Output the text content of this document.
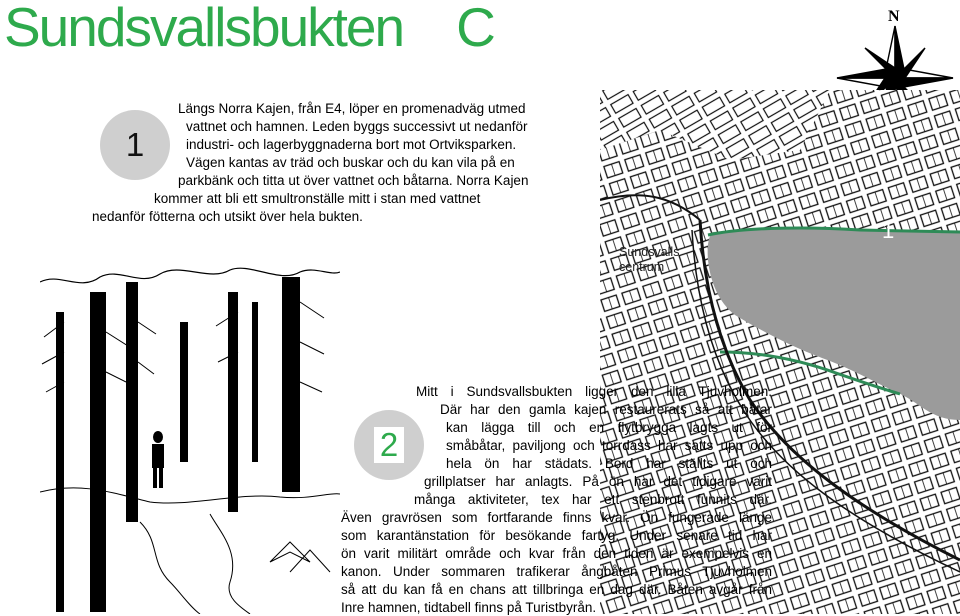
Sundsvallsbukten C	N
1
Längs Norra Kajen, från E4, löper en promenadväg utmed
vattnet och hamnen. Leden byggs successivt ut nedanför
industri- och lagerbyggnaderna bort mot Ortviksparken.
Vägen kantas av träd och buskar och du kan vila på en
parkbänk och titta ut över vattnet och båtarna. Norra Kajen
kommer att bli ett smultronställe mitt i stan med vattnet
nedanför fötterna och utsikt över hela bukten.
Sundsvalls
centrum
1
2
Mitt i Sundsvallsbukten ligger den lilla Tjuvholmen.
Där har den gamla kajen restaurerats så att båtar
kan lägga till och en flytbrygga lagts ut för
småbåtar, paviljong och torrdass har satts upp och
hela ön har städats. Bord har ställts ut och
grillplatser har anlagts. På ön har det tidigare varit
många aktiviteter, tex har ett stenbrott funnits där.
Även gravrösen som fortfarande finns kvar. Ön fungerade länge
som karantänstation för besökande fartyg. Under senare tid har
ön varit militärt område och kvar från den tiden är exempelvis en
kanon. Under sommaren trafikerar ångbåten Primus Tjuvholmen
så att du kan få en chans att tillbringa en dag där. Båten avgår från
Inre hamnen, tidtabell finns på Turistbyrån.
